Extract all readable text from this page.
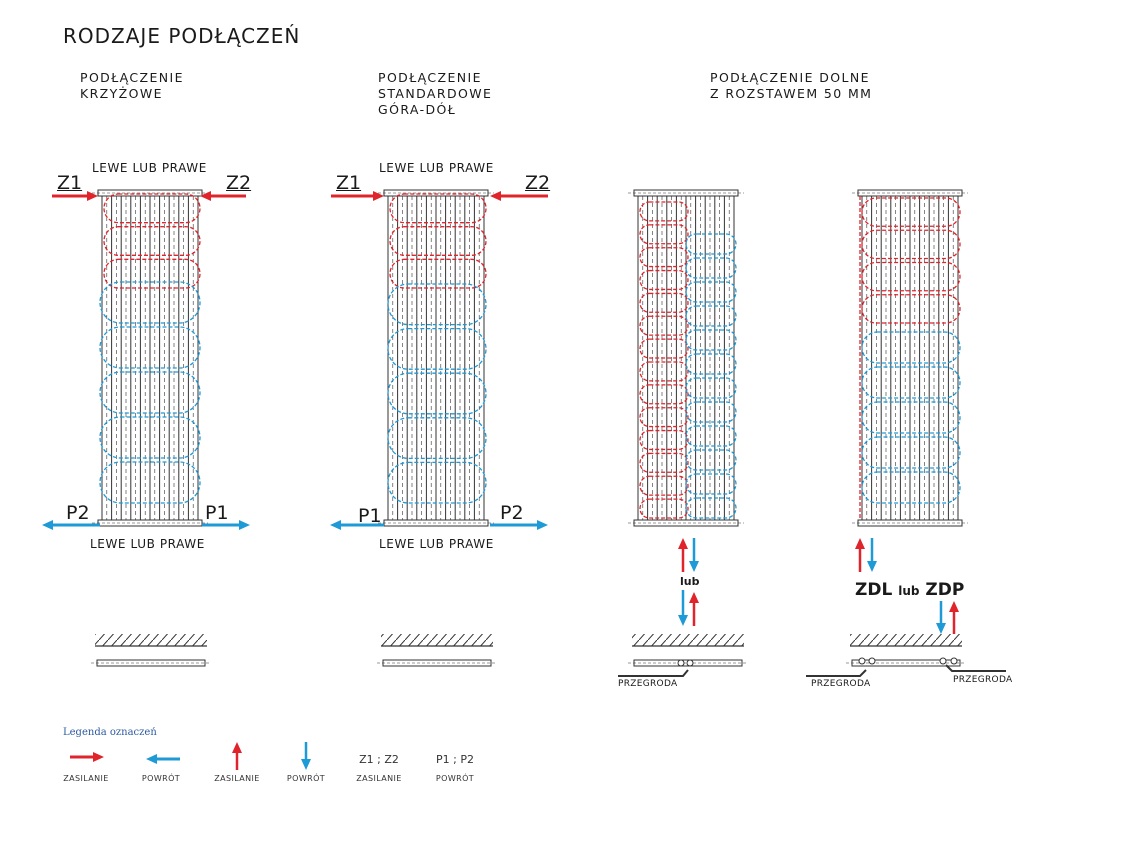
RODZAJE PODŁĄCZEŃ
PODŁĄCZENIE
KRZYŻOWE
PODŁĄCZENIE
STANDARDOWE
GÓRA-DÓŁ
PODŁĄCZENIE DOLNE
Z ROZSTAWEM 50 MM
LEWE LUB PRAWE
LEWE LUB PRAWE
LEWE LUB PRAWE
LEWE LUB PRAWE
Z1	Z2
P2	P1
Z1	Z2
P1	P2
lub	ZDL lub ZDP
PRZEGRODA	PRZEGRODA	PRZEGRODA
Legenda oznaczeń
Z1 ; Z2	P1 ; P2
ZASILANIE	POWRÓT	ZASILANIE	POWRÓT	ZASILANIE	POWRÓT
